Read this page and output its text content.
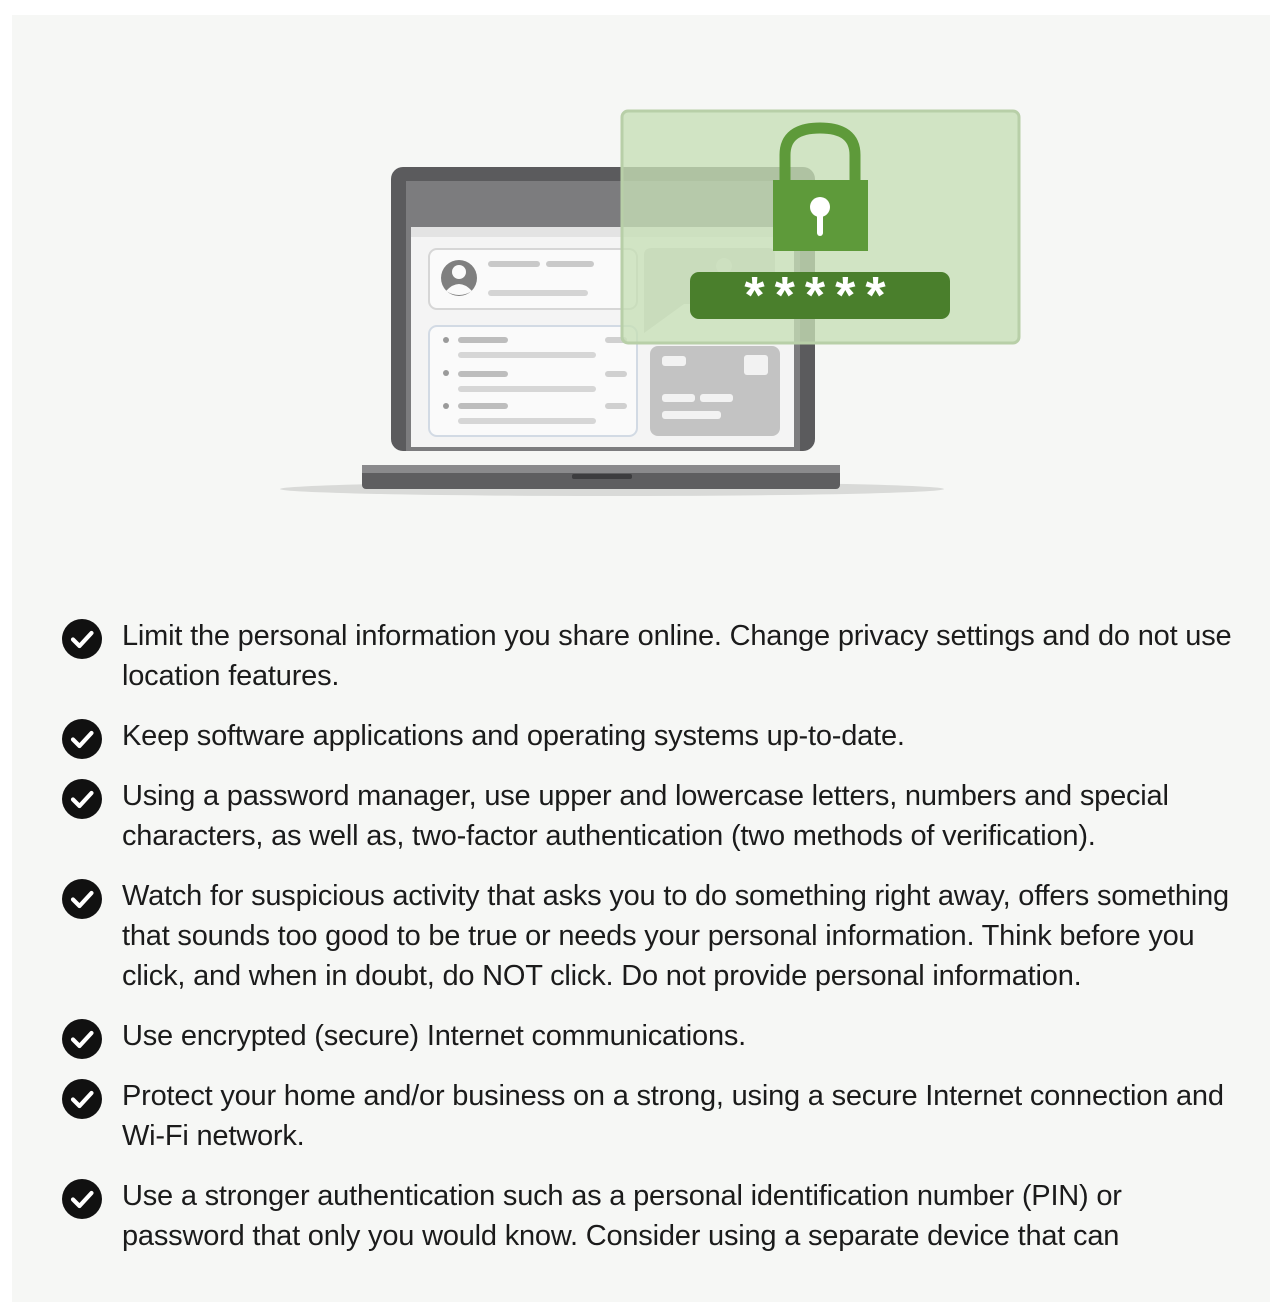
*****
Limit the personal information you share online. Change privacy settings and do not use location features.
Keep software applications and operating systems up-to-date.
Using a password manager, use upper and lowercase letters, numbers and special characters, as well as, two-factor authentication (two methods of verification).
Watch for suspicious activity that asks you to do something right away, offers something that sounds too good to be true or needs your personal information. Think before you click, and when in doubt, do NOT click. Do not provide personal information.
Use encrypted (secure) Internet communications.
Protect your home and/or business on a strong, using a secure Internet connection and Wi-Fi network.
Use a stronger authentication such as a personal identification number (PIN) or password that only you would know. Consider using a separate device that can
